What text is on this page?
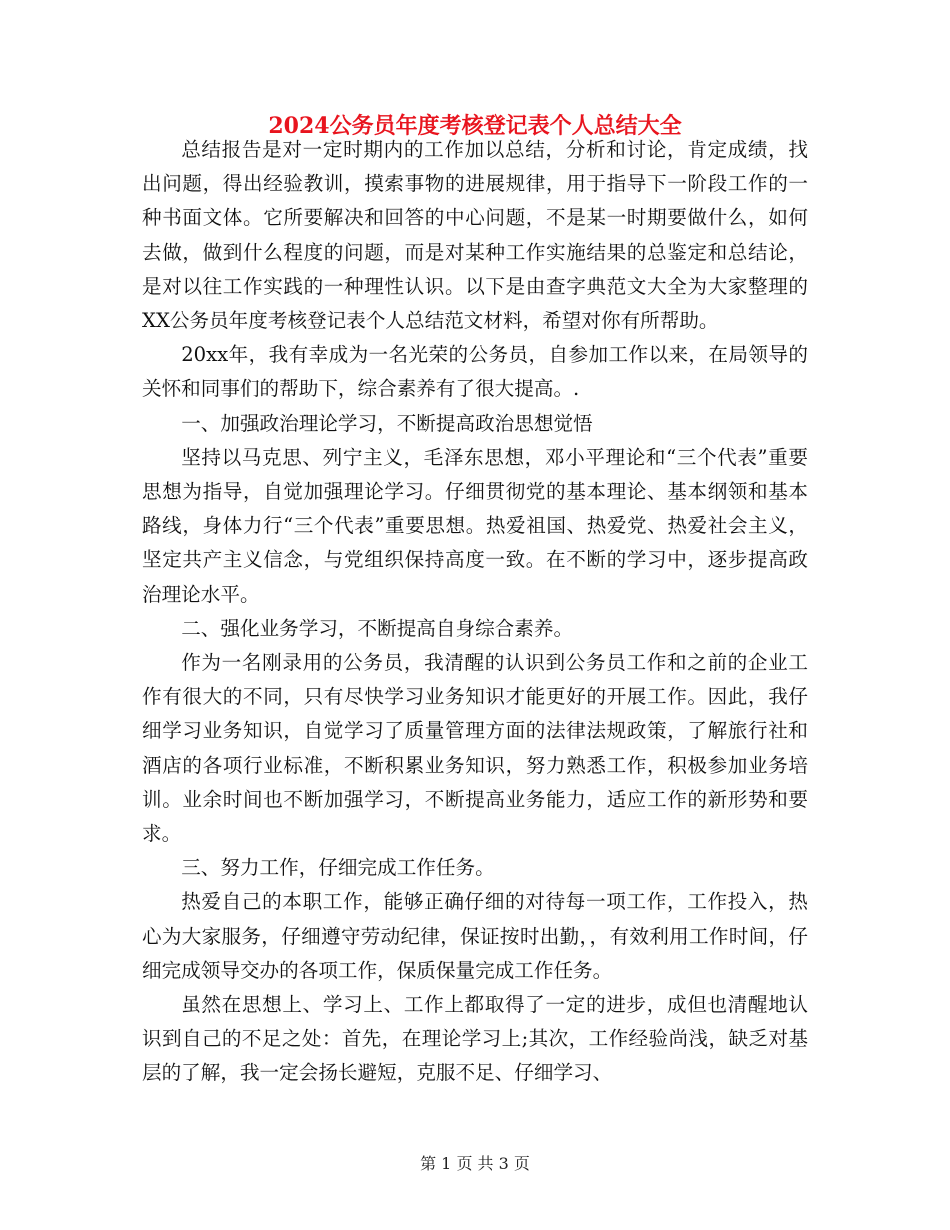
2024公务员年度考核登记表个人总结大全

总结报告是对一定时期内的工作加以总结，分析和讨论，肯定成绩，找出问题，得出经验教训，摸索事物的进展规律，用于指导下一阶段工作的一种书面文体。它所要解决和回答的中心问题，不是某一时期要做什么，如何去做，做到什么程度的问题，而是对某种工作实施结果的总鉴定和总结论，是对以往工作实践的一种理性认识。以下是由查字典范文大全为大家整理的XX公务员年度考核登记表个人总结范文材料，希望对你有所帮助。

20xx年，我有幸成为一名光荣的公务员，自参加工作以来，在局领导的关怀和同事们的帮助下，综合素养有了很大提高。.

一、加强政治理论学习，不断提高政治思想觉悟

坚持以马克思、列宁主义，毛泽东思想，邓小平理论和“三个代表”重要思想为指导，自觉加强理论学习。仔细贯彻党的基本理论、基本纲领和基本路线，身体力行“三个代表”重要思想。热爱祖国、热爱党、热爱社会主义，坚定共产主义信念，与党组织保持高度一致。在不断的学习中，逐步提高政治理论水平。

二、强化业务学习，不断提高自身综合素养。

作为一名刚录用的公务员，我清醒的认识到公务员工作和之前的企业工作有很大的不同，只有尽快学习业务知识才能更好的开展工作。因此，我仔细学习业务知识，自觉学习了质量管理方面的法律法规政策，了解旅行社和酒店的各项行业标准，不断积累业务知识，努力熟悉工作，积极参加业务培训。业余时间也不断加强学习，不断提高业务能力，适应工作的新形势和要求。

三、努力工作，仔细完成工作任务。

热爱自己的本职工作，能够正确仔细的对待每一项工作，工作投入，热心为大家服务，仔细遵守劳动纪律，保证按时出勤，，有效利用工作时间，仔细完成领导交办的各项工作，保质保量完成工作任务。

虽然在思想上、学习上、工作上都取得了一定的进步，成但也清醒地认识到自己的不足之处：首先，在理论学习上;其次，工作经验尚浅，缺乏对基层的了解，我一定会扬长避短，克服不足、仔细学习、

第 1 页 共 3 页
